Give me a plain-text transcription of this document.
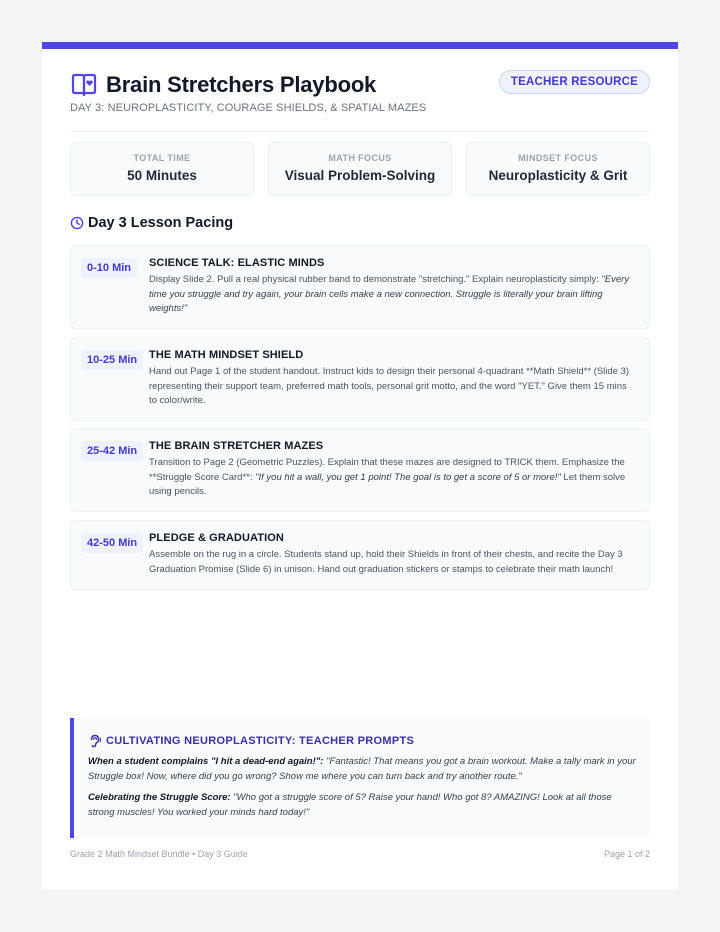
Brain Stretchers Playbook	TEACHER RESOURCE
DAY 3: NEUROPLASTICITY, COURAGE SHIELDS, & SPATIAL MAZES
TOTAL TIME
50 Minutes
MATH FOCUS
Visual Problem-Solving
MINDSET FOCUS
Neuroplasticity & Grit
Day 3 Lesson Pacing
0-10 Min	SCIENCE TALK: ELASTIC MINDS
Display Slide 2. Pull a real physical rubber band to demonstrate "stretching." Explain neuroplasticity simply: "Every time you struggle and try again, your brain cells make a new connection. Struggle is literally your brain lifting weights!"
10-25 Min	THE MATH MINDSET SHIELD
Hand out Page 1 of the student handout. Instruct kids to design their personal 4-quadrant **Math Shield** (Slide 3) representing their support team, preferred math tools, personal grit motto, and the word "YET." Give them 15 mins to color/write.
25-42 Min	THE BRAIN STRETCHER MAZES
Transition to Page 2 (Geometric Puzzles). Explain that these mazes are designed to TRICK them. Emphasize the **Struggle Score Card**: "If you hit a wall, you get 1 point! The goal is to get a score of 5 or more!" Let them solve using pencils.
42-50 Min	PLEDGE & GRADUATION
Assemble on the rug in a circle. Students stand up, hold their Shields in front of their chests, and recite the Day 3 Graduation Promise (Slide 6) in unison. Hand out graduation stickers or stamps to celebrate their math launch!
CULTIVATING NEUROPLASTICITY: TEACHER PROMPTS
When a student complains "I hit a dead-end again!": "Fantastic! That means you got a brain workout. Make a tally mark in your Struggle box! Now, where did you go wrong? Show me where you can turn back and try another route."
Celebrating the Struggle Score: "Who got a struggle score of 5? Raise your hand! Who got 8? AMAZING! Look at all those strong muscles! You worked your minds hard today!"
Grade 2 Math Mindset Bundle • Day 3 Guide	Page 1 of 2
